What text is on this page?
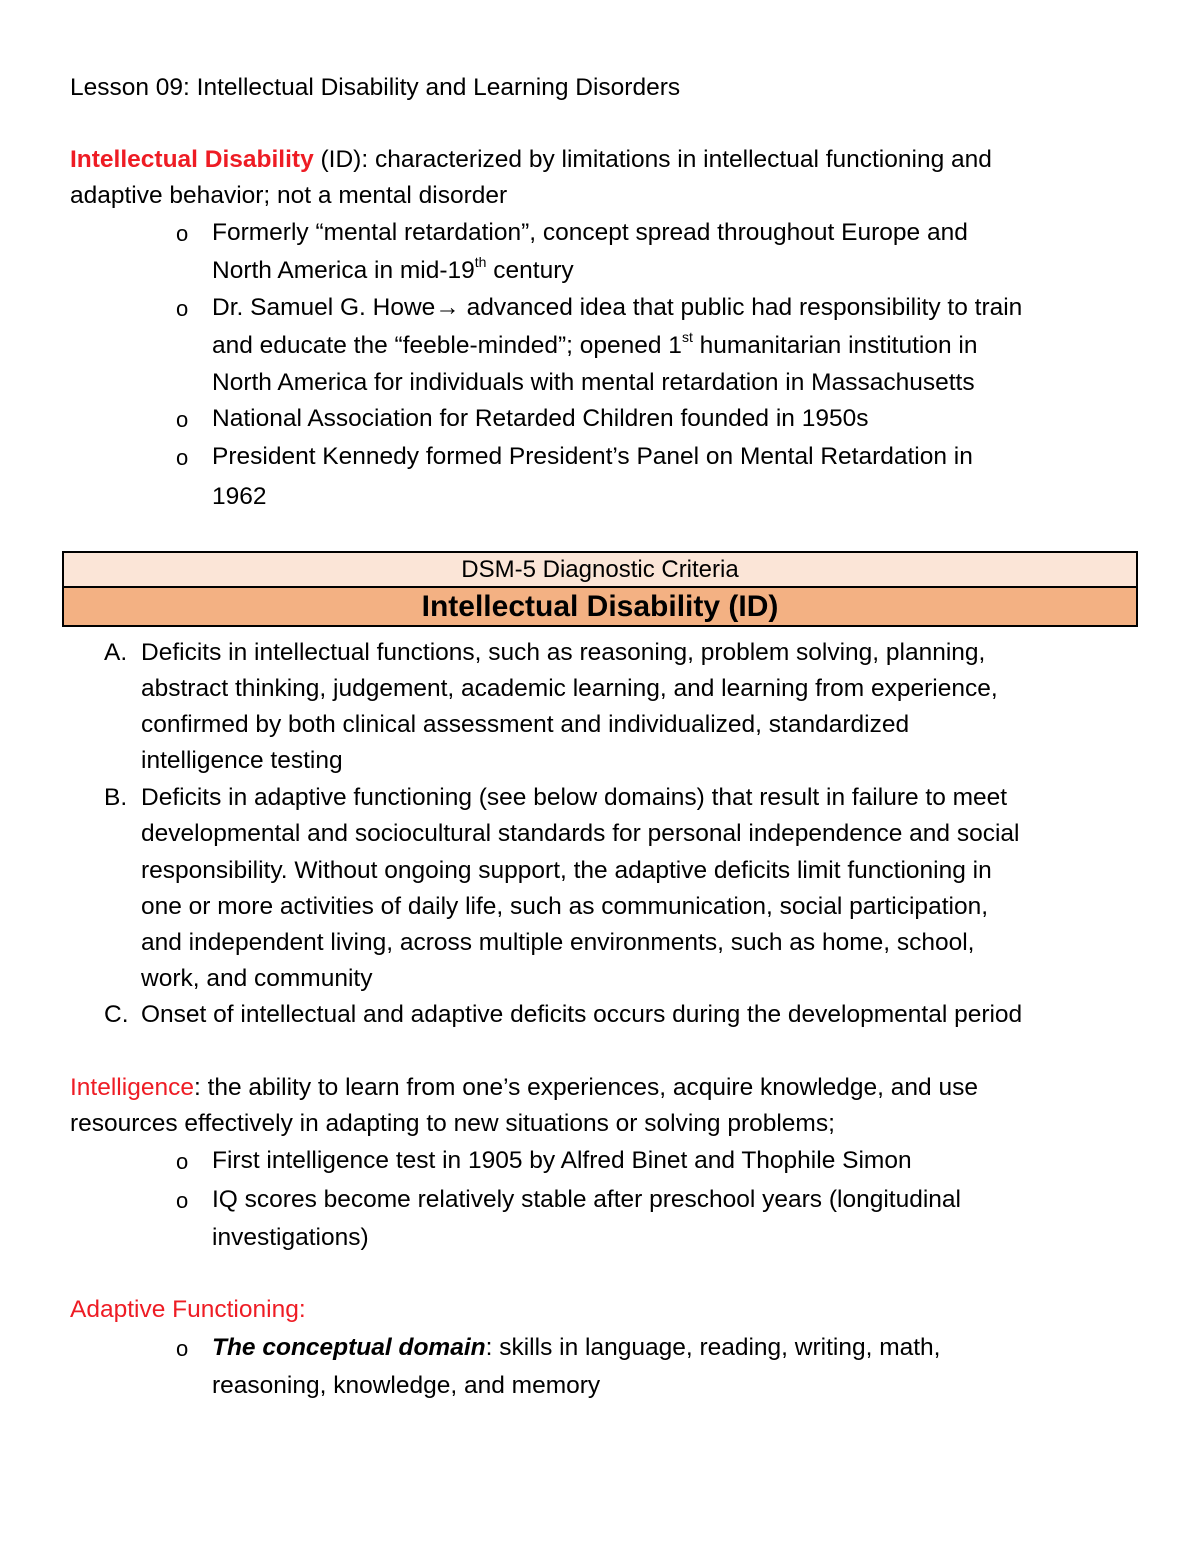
Lesson 09: Intellectual Disability and Learning Disorders
Intellectual Disability (ID): characterized by limitations in intellectual functioning and
adaptive behavior; not a mental disorder
o Formerly “mental retardation”, concept spread throughout Europe and
North America in mid-19th century
o Dr. Samuel G. Howe→ advanced idea that public had responsibility to train
and educate the “feeble-minded”; opened 1st humanitarian institution in
North America for individuals with mental retardation in Massachusetts
o National Association for Retarded Children founded in 1950s
o President Kennedy formed President’s Panel on Mental Retardation in
1962
DSM-5 Diagnostic Criteria
Intellectual Disability (ID)
A. Deficits in intellectual functions, such as reasoning, problem solving, planning,
abstract thinking, judgement, academic learning, and learning from experience,
confirmed by both clinical assessment and individualized, standardized
intelligence testing
B. Deficits in adaptive functioning (see below domains) that result in failure to meet
developmental and sociocultural standards for personal independence and social
responsibility. Without ongoing support, the adaptive deficits limit functioning in
one or more activities of daily life, such as communication, social participation,
and independent living, across multiple environments, such as home, school,
work, and community
C. Onset of intellectual and adaptive deficits occurs during the developmental period
Intelligence: the ability to learn from one’s experiences, acquire knowledge, and use
resources effectively in adapting to new situations or solving problems;
o First intelligence test in 1905 by Alfred Binet and Thophile Simon
o IQ scores become relatively stable after preschool years (longitudinal
investigations)
Adaptive Functioning:
o The conceptual domain: skills in language, reading, writing, math,
reasoning, knowledge, and memory
